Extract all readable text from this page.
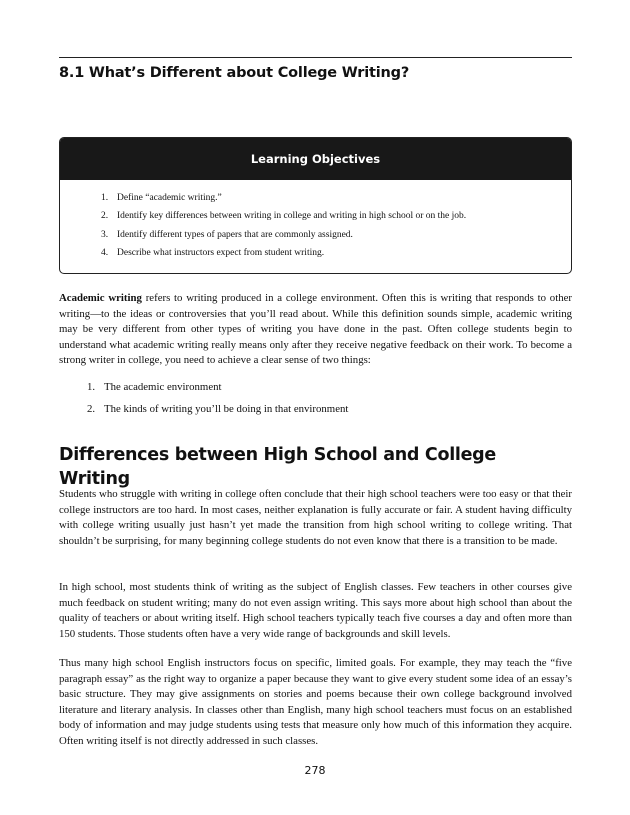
8.1 What’s Different about College Writing?
Learning Objectives
1. Define “academic writing.”
2. Identify key differences between writing in college and writing in high school or on the job.
3. Identify different types of papers that are commonly assigned.
4. Describe what instructors expect from student writing.

Academic writing refers to writing produced in a college environment. Often this is writing that responds to other writing—to the ideas or controversies that you’ll read about. While this definition sounds simple, academic writing may be very different from other types of writing you have done in the past. Often college students begin to understand what academic writing really means only after they receive negative feedback on their work. To become a strong writer in college, you need to achieve a clear sense of two things:

1. The academic environment
2. The kinds of writing you’ll be doing in that environment
Differences between High School and College Writing

Students who struggle with writing in college often conclude that their high school teachers were too easy or that their college instructors are too hard. In most cases, neither explanation is fully accurate or fair. A student having difficulty with college writing usually just hasn’t yet made the transition from high school writing to college writing. That shouldn’t be surprising, for many beginning college students do not even know that there is a transition to be made.

In high school, most students think of writing as the subject of English classes. Few teachers in other courses give much feedback on student writing; many do not even assign writing. This says more about high school than about the quality of teachers or about writing itself. High school teachers typically teach five courses a day and often more than 150 students. Those students often have a very wide range of backgrounds and skill levels.

Thus many high school English instructors focus on specific, limited goals. For example, they may teach the “five paragraph essay” as the right way to organize a paper because they want to give every student some idea of an essay’s basic structure. They may give assignments on stories and poems because their own college background involved literature and literary analysis. In classes other than English, many high school teachers must focus on an established body of information and may judge students using tests that measure only how much of this information they acquire. Often writing itself is not directly addressed in such classes.

278
